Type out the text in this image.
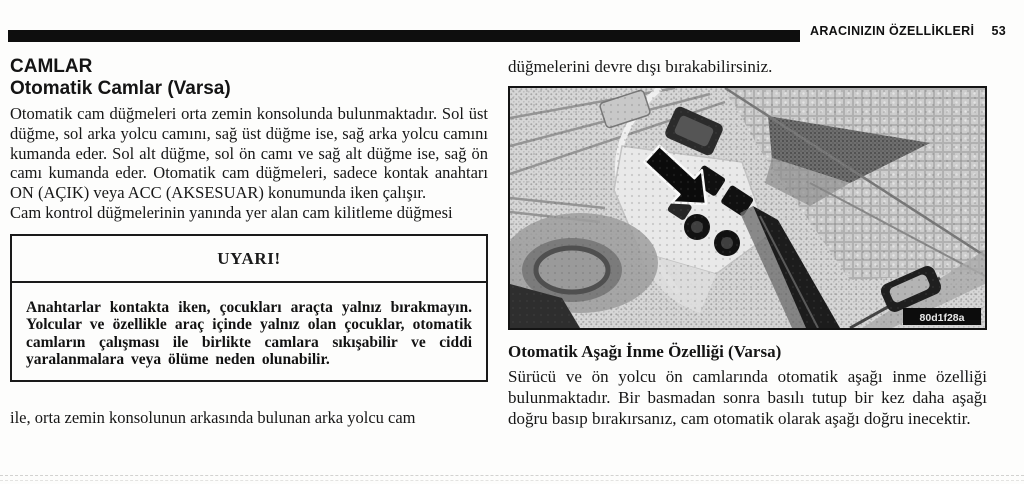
ARACINIZIN ÖZELLİKLERİ 53
CAMLAR
Otomatik Camlar (Varsa)

Otomatik cam düğmeleri orta zemin konsolunda bulunmaktadır. Sol üst düğme, sol arka yolcu camını, sağ üst düğme ise, sağ arka yolcu camını kumanda eder. Sol alt düğme, sol ön camı ve sağ alt düğme ise, sağ ön camı kumanda eder. Otomatik cam düğmeleri, sadece kontak anahtarı ON (AÇIK) veya ACC (AKSESUAR) konumunda iken çalışır.

Cam kontrol düğmelerinin yanında yer alan cam kilitleme düğmesi

UYARI!
Anahtarlar kontakta iken, çocukları araçta yalnız bırakmayın. Yolcular ve özellikle araç içinde yalnız olan çocuklar, otomatik camların çalışması ile birlikte camlara sıkışabilir ve ciddi yaralanmalara veya ölüme neden olunabilir.

ile, orta zemin konsolunun arkasında bulunan arka yolcu cam

düğmelerini devre dışı bırakabilirsiniz.

80d1f28a
Otomatik Aşağı İnme Özelliği (Varsa)

Sürücü ve ön yolcu ön camlarında otomatik aşağı inme özelliği bulunmaktadır. Bir basmadan sonra basılı tutup bir kez daha aşağı doğru basıp bırakırsanız, cam otomatik olarak aşağı doğru inecektir.
